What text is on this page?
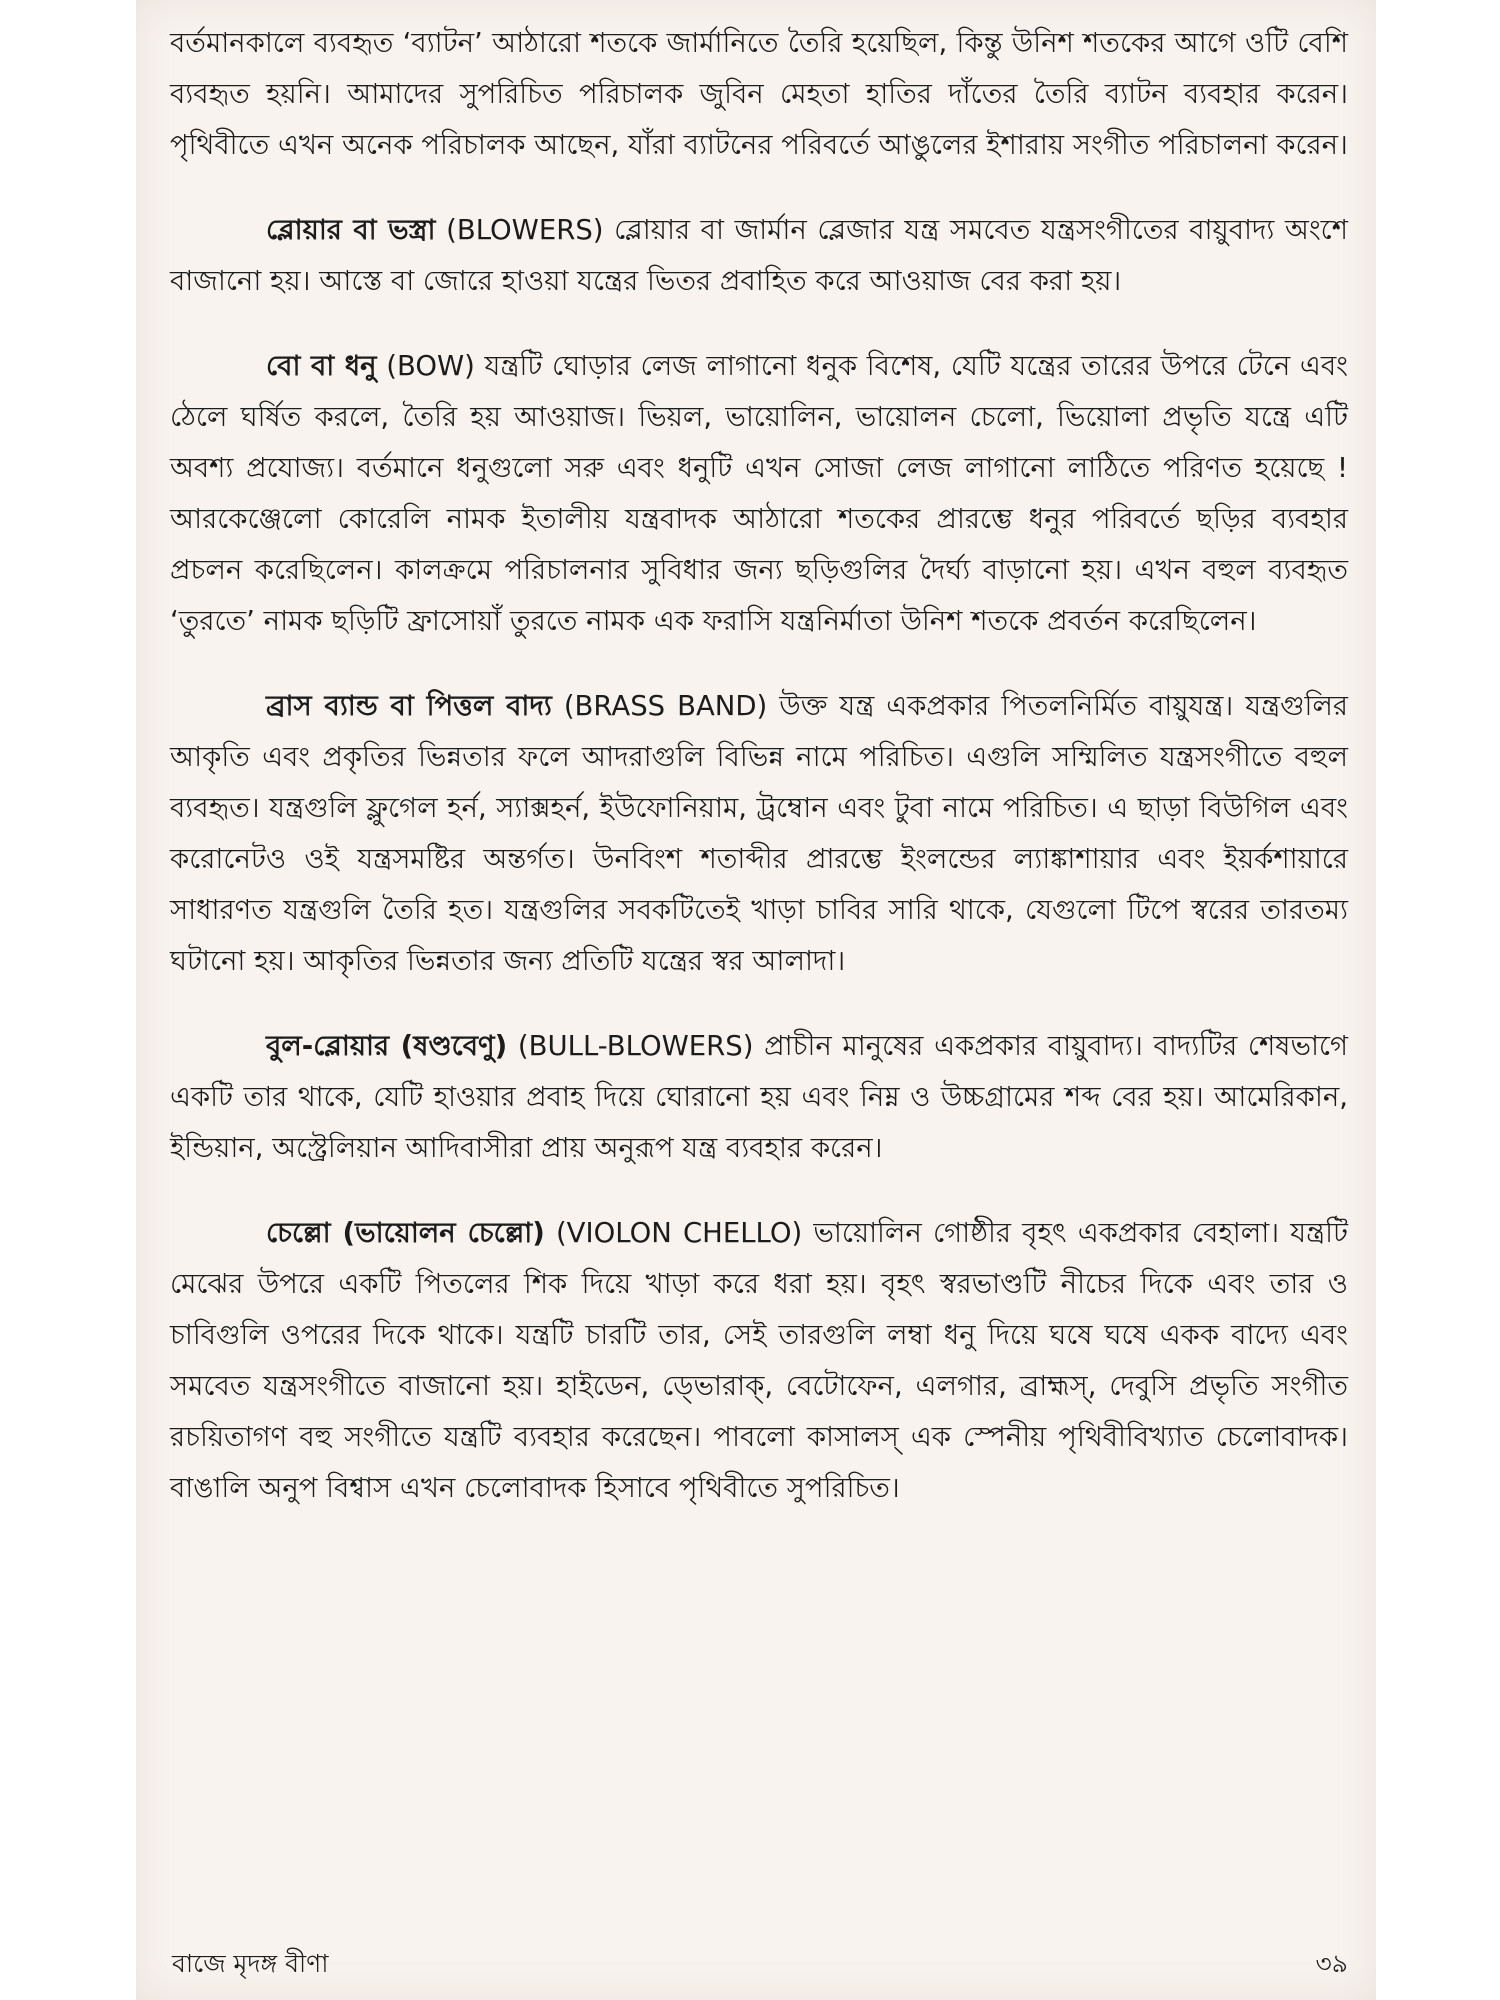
বর্তমানকালে ব্যবহৃত ‘ব্যাটন’ আঠারো শতকে জার্মানিতে তৈরি হয়েছিল, কিন্তু উনিশ শতকের আগে ওটি বেশি ব্যবহৃত হয়নি। আমাদের সুপরিচিত পরিচালক জুবিন মেহতা হাতির দাঁতের তৈরি ব্যাটন ব্যবহার করেন। পৃথিবীতে এখন অনেক পরিচালক আছেন, যাঁরা ব্যাটনের পরিবর্তে আঙুলের ইশারায় সংগীত পরিচালনা করেন।

ব্লোয়ার বা ভস্ত্রা (BLOWERS) ব্লোয়ার বা জার্মান ব্লেজার যন্ত্র সমবেত যন্ত্রসংগীতের বায়ুবাদ্য অংশে বাজানো হয়। আস্তে বা জোরে হাওয়া যন্ত্রের ভিতর প্রবাহিত করে আওয়াজ বের করা হয়।

বো বা ধনু (BOW) যন্ত্রটি ঘোড়ার লেজ লাগানো ধনুক বিশেষ, যেটি যন্ত্রের তারের উপরে টেনে এবং ঠেলে ঘর্ষিত করলে, তৈরি হয় আওয়াজ। ভিয়ল, ভায়োলিন, ভায়োলন চেলো, ভিয়োলা প্রভৃতি যন্ত্রে এটি অবশ্য প্রযোজ্য। বর্তমানে ধনুগুলো সরু এবং ধনুটি এখন সোজা লেজ লাগানো লাঠিতে পরিণত হয়েছে ! আরকেঞ্জেলো কোরেলি নামক ইতালীয় যন্ত্রবাদক আঠারো শতকের প্রারম্ভে ধনুর পরিবর্তে ছড়ির ব্যবহার প্রচলন করেছিলেন। কালক্রমে পরিচালনার সুবিধার জন্য ছড়িগুলির দৈর্ঘ্য বাড়ানো হয়। এখন বহুল ব্যবহৃত ‘তুরতে’ নামক ছড়িটি ফ্রাসোয়াঁ তুরতে নামক এক ফরাসি যন্ত্রনির্মাতা উনিশ শতকে প্রবর্তন করেছিলেন।

ব্রাস ব্যান্ড বা পিত্তল বাদ্য (BRASS BAND) উক্ত যন্ত্র একপ্রকার পিতলনির্মিত বায়ুযন্ত্র। যন্ত্রগুলির আকৃতি এবং প্রকৃতির ভিন্নতার ফলে আদরাগুলি বিভিন্ন নামে পরিচিত। এগুলি সম্মিলিত যন্ত্রসংগীতে বহুল ব্যবহৃত। যন্ত্রগুলি ফ্লুগেল হর্ন, স্যাক্সহর্ন, ইউফোনিয়াম, ট্রম্বোন এবং টুবা নামে পরিচিত। এ ছাড়া বিউগিল এবং করোনেট‌ও ওই যন্ত্রসমষ্টির অন্তর্গত। উনবিংশ শতাব্দীর প্রারম্ভে ইংলন্ডের ল্যাঙ্কাশায়ার এবং ইয়র্কশায়ারে সাধারণত যন্ত্রগুলি তৈরি হত। যন্ত্রগুলির সবকটিতেই খাড়া চাবির সারি থাকে, যেগুলো টিপে স্বরের তারতম্য ঘটানো হয়। আকৃতির ভিন্নতার জন্য প্রতিটি যন্ত্রের স্বর আলাদা।

বুল-ব্লোয়ার (ষণ্ডবেণু) (BULL-BLOWERS) প্রাচীন মানুষের একপ্রকার বায়ুবাদ্য। বাদ্যটির শেষভাগে একটি তার থাকে, যেটি হাওয়ার প্রবাহ দিয়ে ঘোরানো হয় এবং নিম্ন ও উচ্চগ্রামের শব্দ বের হয়। আমেরিকান, ইন্ডিয়ান, অস্ট্রেলিয়ান আদিবাসীরা প্রায় অনুরূপ যন্ত্র ব্যবহার করেন।

চেল্লো (ভায়োলন চেল্লো) (VIOLON CHELLO) ভায়োলিন গোষ্ঠীর বৃহৎ একপ্রকার বেহালা। যন্ত্রটি মেঝের উপরে একটি পিতলের শিক দিয়ে খাড়া করে ধরা হয়। বৃহৎ স্বরভাণ্ডটি নীচের দিকে এবং তার ও চাবিগুলি ওপরের দিকে থাকে। যন্ত্রটি চারটি তার, সেই তারগুলি লম্বা ধনু দিয়ে ঘষে ঘষে একক বাদ্যে এবং সমবেত যন্ত্রসংগীতে বাজানো হয়। হাইডেন, ড্ভোরাক্, বেটোফেন, এলগার, ব্রাহ্মস্, দেবুসি প্রভৃতি সংগীত রচয়িতাগণ বহু সংগীতে যন্ত্রটি ব্যবহার করেছেন। পাবলো কাসালস্ এক স্পেনীয় পৃথিবীবিখ্যাত চেলোবাদক। বাঙালি অনুপ বিশ্বাস এখন চেলোবাদক হিসাবে পৃথিবীতে সুপরিচিত।

বাজে মৃদঙ্গ বীণা	৩৯
